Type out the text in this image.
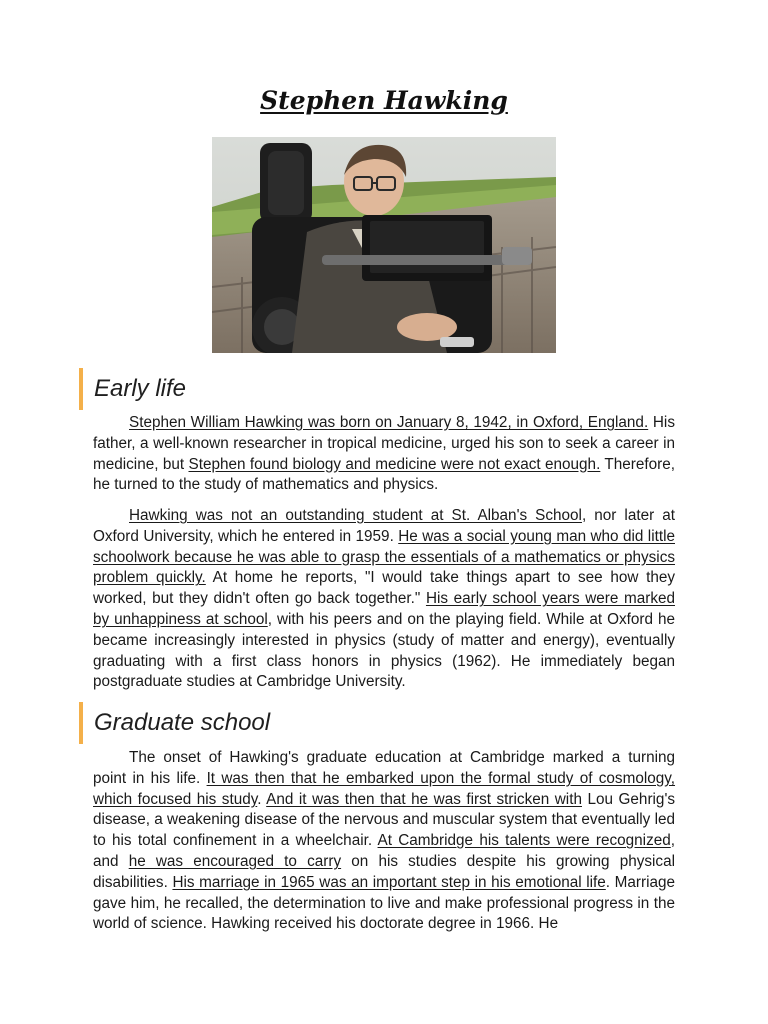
Stephen Hawking
Early life

Stephen William Hawking was born on January 8, 1942, in Oxford, England. His father, a well-known researcher in tropical medicine, urged his son to seek a career in medicine, but Stephen found biology and medicine were not exact enough. Therefore, he turned to the study of mathematics and physics.

Hawking was not an outstanding student at St. Alban's School, nor later at Oxford University, which he entered in 1959. He was a social young man who did little schoolwork because he was able to grasp the essentials of a mathematics or physics problem quickly. At home he reports, "I would take things apart to see how they worked, but they didn't often go back together." His early school years were marked by unhappiness at school, with his peers and on the playing field. While at Oxford he became increasingly interested in physics (study of matter and energy), eventually graduating with a first class honors in physics (1962). He immediately began postgraduate studies at Cambridge University.

Graduate school

The onset of Hawking's graduate education at Cambridge marked a turning point in his life. It was then that he embarked upon the formal study of cosmology, which focused his study. And it was then that he was first stricken with Lou Gehrig's disease, a weakening disease of the nervous and muscular system that eventually led to his total confinement in a wheelchair. At Cambridge his talents were recognized, and he was encouraged to carry on his studies despite his growing physical disabilities. His marriage in 1965 was an important step in his emotional life. Marriage gave him, he recalled, the determination to live and make professional progress in the world of science. Hawking received his doctorate degree in 1966. He
